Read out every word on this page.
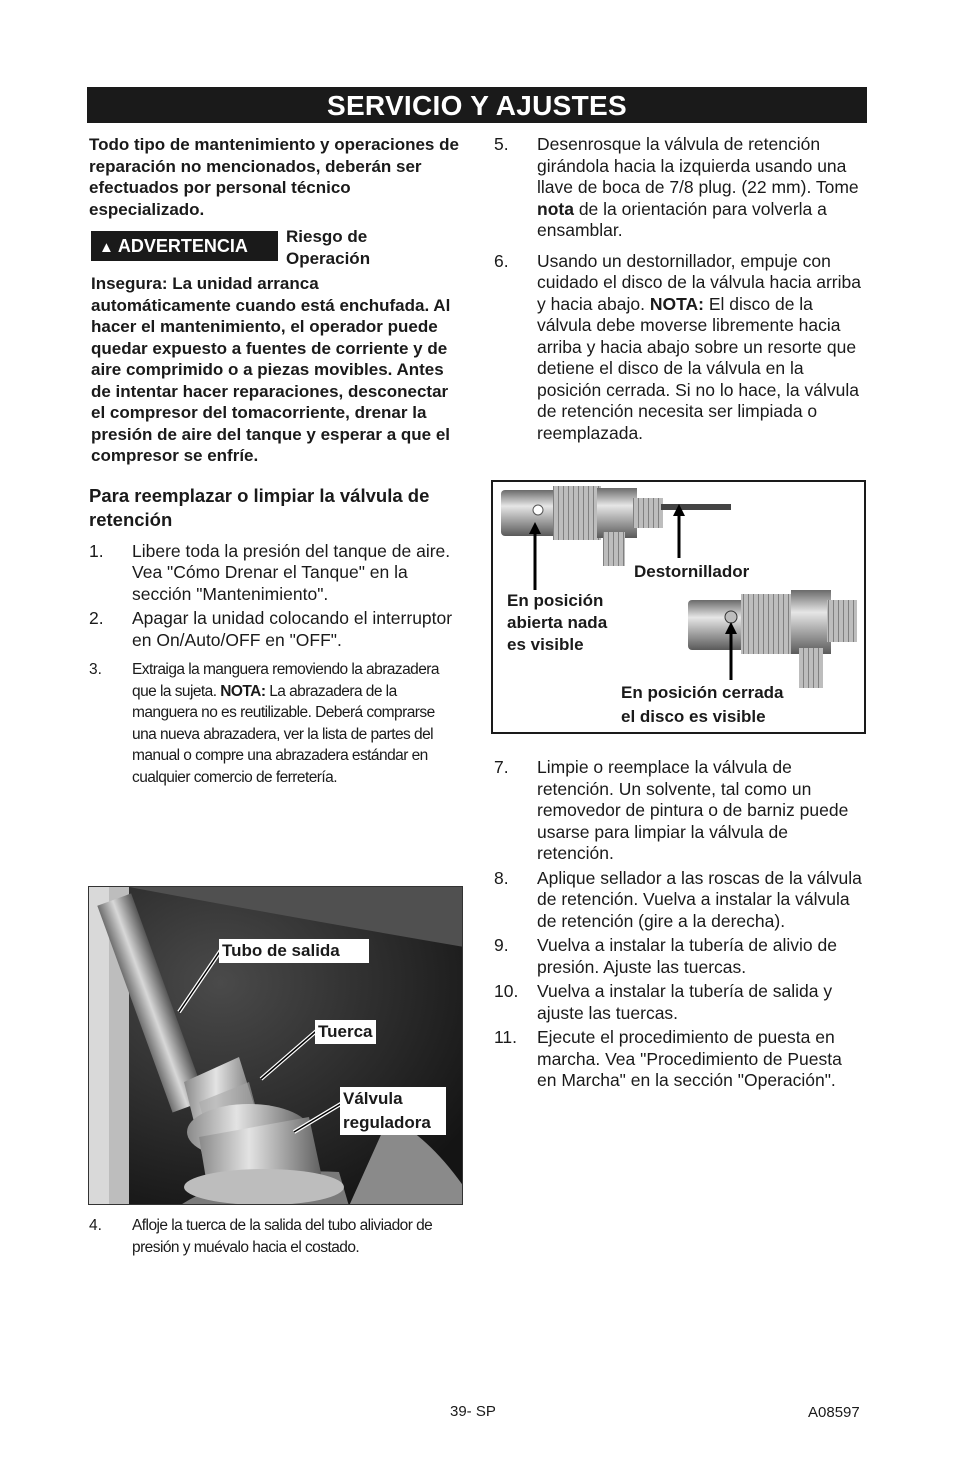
SERVICIO Y AJUSTES

Todo tipo de mantenimiento y operaciones de reparación no mencionados, deberán ser efectuados por personal técnico especializado.

▲ ADVERTENCIA	Riesgo de
Operación

Insegura: La unidad arranca automáticamente cuando está enchufada. Al hacer el mantenimiento, el operador puede quedar expuesto a fuentes de corriente y de aire comprimido o a piezas movibles. Antes de intentar hacer reparaciones, desconectar el compresor del tomacorriente, drenar la presión de aire del tanque y esperar a que el compresor se enfríe.

Para reemplazar o limpiar la válvula de retención
1. Libere toda la presión del tanque de aire. Vea "Cómo Drenar el Tanque" en la sección "Mantenimiento".
2. Apagar la unidad colocando el interruptor en On/Auto/OFF en "OFF".
3. Extraiga la manguera removiendo la abrazadera que la sujeta. NOTA: La abrazadera de la manguera no es reutilizable. Deberá comprarse una nueva abrazadera, ver la lista de partes del manual o compre una abrazadera estándar en cualquier comercio de ferretería.
Tubo de salida
Tuerca
Válvula
reguladora
4. Afloje la tuerca de la salida del tubo aliviador de presión y muévalo hacia el costado.
5. Desenrosque la válvula de retención girándola hacia la izquierda usando una llave de boca de 7/8 plug. (22 mm). Tome nota de la orientación para volverla a ensamblar.
6. Usando un destornillador, empuje con cuidado el disco de la válvula hacia arriba y hacia abajo. NOTA: El disco de la válvula debe moverse libremente hacia arriba y hacia abajo sobre un resorte que detiene el disco de la válvula en la posición cerrada. Si no lo hace, la válvula de retención necesita ser limpiada o reemplazada.
Destornillador
En posición
abierta nada
es visible
En posición cerrada
el disco es visible
7. Limpie o reemplace la válvula de retención. Un solvente, tal como un removedor de pintura o de barniz puede usarse para limpiar la válvula de retención.
8. Aplique sellador a las roscas de la válvula de retención. Vuelva a instalar la válvula de retención (gire a la derecha).
9. Vuelva a instalar la tubería de alivio de presión. Ajuste las tuercas.
10. Vuelva a instalar la tubería de salida y ajuste las tuercas.
11. Ejecute el procedimiento de puesta en marcha. Vea "Procedimiento de Puesta en Marcha" en la sección "Operación".
39- SP	A08597
